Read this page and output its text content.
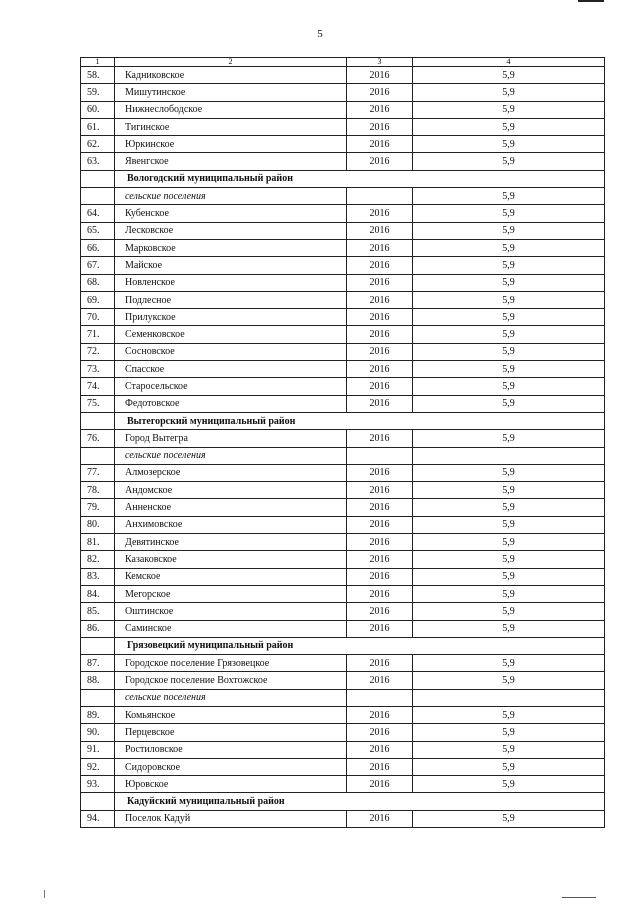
5
1	2	3	4
58.	Кадниковское	2016	5,9
59.	Мишутинское	2016	5,9
60.	Нижнеслободское	2016	5,9
61.	Тигинское	2016	5,9
62.	Юркинское	2016	5,9
63.	Явенгское	2016	5,9
	Вологодский муниципальный район		
	сельские поселения		5,9
64.	Кубенское	2016	5,9
65.	Лесковское	2016	5,9
66.	Марковское	2016	5,9
67.	Майское	2016	5,9
68.	Новленское	2016	5,9
69.	Подлесное	2016	5,9
70.	Прилукское	2016	5,9
71.	Семенковское	2016	5,9
72.	Сосновское	2016	5,9
73.	Спасское	2016	5,9
74.	Старосельское	2016	5,9
75.	Федотовское	2016	5,9
	Вытегорский муниципальный район		
76.	Город Вытегра	2016	5,9
	сельские поселения		
77.	Алмозерское	2016	5,9
78.	Андомское	2016	5,9
79.	Анненское	2016	5,9
80.	Анхимовское	2016	5,9
81.	Девятинское	2016	5,9
82.	Казаковское	2016	5,9
83.	Кемское	2016	5,9
84.	Мегорское	2016	5,9
85.	Оштинское	2016	5,9
86.	Саминское	2016	5,9
	Грязовецкий муниципальный район		
87.	Городское поселение Грязовецкое	2016	5,9
88.	Городское поселение Вохтожское	2016	5,9
	сельские поселения		
89.	Комьянское	2016	5,9
90.	Перцевское	2016	5,9
91.	Ростиловское	2016	5,9
92.	Сидоровское	2016	5,9
93.	Юровское	2016	5,9
	Кадуйский муниципальный район		
94.	Поселок Кадуй	2016	5,9
